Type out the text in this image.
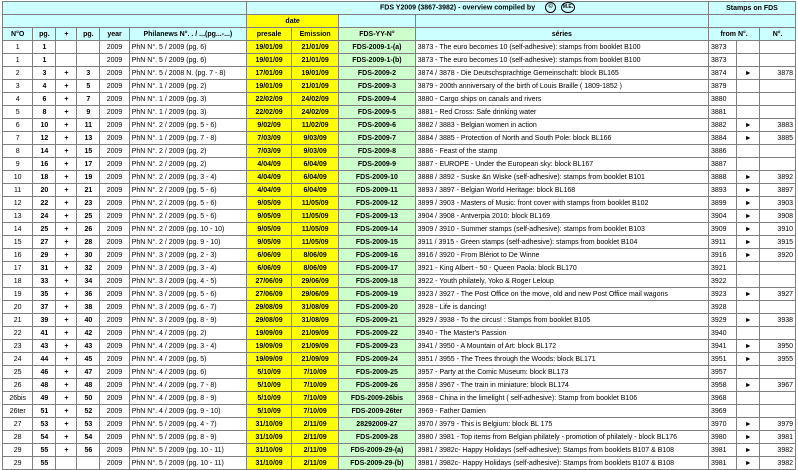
						FDS Y2009 (3867-3982) - overview compiled by © M.E.				Stamps on FDS		
						date						
N°O	pg.	+	pg.	year	Philanews N°. . / ...(pg...-...)	presale	Emission	FDS-YY-N°	séries	from N°.		N°.
1	1			2009	PhN N°. 5 / 2009 (pg. 6)	19/01/09	21/01/09	FDS-2009-1-(a)	3873 - The euro becomes 10 (self-adhesive): stamps from booklet B100	3873		
1	1			2009	PhN N°. 5 / 2009 (pg. 6)	19/01/09	21/01/09	FDS-2009-1-(b)	3873 - The euro becomes 10 (self-adhesive): stamps from booklet B100	3873		
2	3	+	3	2009	PhN N°. 5 / 2008 N. (pg. 7 - 8)	17/01/09	19/01/09	FDS-2009-2	3874 / 3878 - Die Deutschsprachtige Gemeinschaft: block BL165	3874	►	3878
3	4	+	5	2009	PhN N°. 1 / 2009 (pg. 2)	19/01/09	21/01/09	FDS-2009-3	3879 - 200th anniversary of the birth of Louis Braille ( 1809-1852 )	3879		
4	6	+	7	2009	PhN N°. 1 / 2009 (pg. 3)	22/02/09	24/02/09	FDS-2009-4	3880 - Cargo ships on canals and rivers	3880		
5	8	+	9	2009	PhN N°. 1 / 2009 (pg. 3)	22/02/09	24/02/09	FDS-2009-5	3881 - Red Cross: Safe drinking water	3881		
6	10	+	11	2009	PhN N°. 2 / 2009 (pg. 5 - 6)	9/02/09	11/02/09	FDS-2009-6	3882 / 3883 - Belgian women in action	3882	►	3883
7	12	+	13	2009	PhN N°. 1 / 2009 (pg. 7 - 8)	7/03/09	9/03/09	FDS-2009-7	3884 / 3885 - Protection of North and South Pole: block BL166	3884	►	3885
8	14	+	15	2009	PhN N°. 2 / 2009 (pg. 2)	7/03/09	9/03/09	FDS-2009-8	3886 - Feast of the stamp	3886		
9	16	+	17	2009	PhN N°. 2 / 2009 (pg. 2)	4/04/09	6/04/09	FDS-2009-9	3887 - EUROPE - Under the European sky: block BL167	3887		
10	18	+	19	2009	PhN N°. 2 / 2009 (pg. 3 - 4)	4/04/09	6/04/09	FDS-2009-10	3888 / 3892 - Suske &n Wiske (self-adhesive): stamps from booklet B101	3888	►	3892
11	20	+	21	2009	PhN N°. 2 / 2009 (pg. 5 - 6)	4/04/09	6/04/09	FDS-2009-11	3893 / 3897 - Belgian World Heritage: block BL168	3893	►	3897
12	22	+	23	2009	PhN N°. 2 / 2009 (pg. 5 - 6)	9/05/09	11/05/09	FDS-2009-12	3899 / 3903 - Masters of Music: front cover with stamps from booklet B102	3899	►	3903
13	24	+	25	2009	PhN N°. 2 / 2009 (pg. 5 - 6)	9/05/09	11/05/09	FDS-2009-13	3904 / 3908 - Antverpia 2010: block BL169	3904	►	3908
14	25	+	26	2009	PhN N°. 2 / 2009 (pg. 10 - 10)	9/05/09	11/05/09	FDS-2009-14	3909 / 3910 - Summer stamps (self-adhesive): stamps from booklet B103	3909	►	3910
15	27	+	28	2009	PhN N°. 2 / 2009 (pg. 9 - 10)	9/05/09	11/05/09	FDS-2009-15	3911 / 3915 - Green stamps (self-adhesive): stamps from booklet B104	3911	►	3915
16	29	+	30	2009	PhN N°. 3 / 2009 (pg. 2 - 3)	6/06/09	8/06/09	FDS-2009-16	3916 / 3920 - From Blériot to De Winne	3916	►	3920
17	31	+	32	2009	PhN N°. 3 / 2009 (pg. 3 - 4)	6/06/09	8/06/09	FDS-2009-17	3921 - King Albert - 50 - Queen Paola: block BL170	3921		
18	33	+	34	2009	PhN N°. 3 / 2009 (pg. 4 - 5)	27/06/09	29/06/09	FDS-2009-18	3922 - Youth philately, Yoko & Roger Leloup	3922		
19	35	+	36	2009	PhN N°. 3 / 2009 (pg. 5 - 6)	27/06/09	29/06/09	FDS-2009-19	3923 / 3927 - The Post Office on the move, old and new Post Office mail wagons	3923	►	3927
20	37	+	38	2009	PhN N°. 3 / 2009 (pg. 6 - 7)	29/08/09	31/08/09	FDS-2009-20	3928 - Life is dancing!	3928		
21	39	+	40	2009	PhN N°. 3 / 2009 (pg. 8 - 9)	29/08/09	31/08/09	FDS-2009-21	3929 / 3938 - To the circus! : Stamps from booklet B105	3929	►	3938
22	41	+	42	2009	PhN N°. 4 / 2009 (pg. 2)	19/09/09	21/09/09	FDS-2009-22	3940 - The Master's Passion	3940		
23	43	+	43	2009	PhN N°. 4 / 2009 (pg. 3 - 4)	19/09/09	21/09/09	FDS-2009-23	3941 / 3950 - A Mountain of Art: block BL172	3941	►	3950
24	44	+	45	2009	PhN N°. 4 / 2009 (pg. 5)	19/09/09	21/09/09	FDS-2009-24	3951 / 3955 - The Trees through the Woods: block BL171	3951	►	3955
25	46	+	47	2009	PhN N°. 4 / 2009 (pg. 6)	5/10/09	7/10/09	FDS-2009-25	3957 - Party at the Comic Museum: block BL173	3957		
26	48	+	48	2009	PhN N°. 4 / 2009 (pg. 7 - 8)	5/10/09	7/10/09	FDS-2009-26	3958 / 3967 - The train in miniature: block BL174	3958	►	3967
26bis	49	+	50	2009	PhN N°. 4 / 2009 (pg. 8 - 9)	5/10/09	7/10/09	FDS-2009-26bis	3968 - China in the limelight ( self-adhesive): Stamp from booklet B106	3968		
26ter	51	+	52	2009	PhN N°. 4 / 2009 (pg. 9 - 10)	5/10/09	7/10/09	FDS-2009-26ter	3969 - Father Damien	3969		
27	53	+	53	2009	PhN N°. 5 / 2009 (pg. 4 - 7)	31/10/09	2/11/09	28292009-27	3970 / 3979 - This is Belgium: block BL 175	3970	►	3979
28	54	+	54	2009	PhN N°. 5 / 2009 (pg. 8 - 9)	31/10/09	2/11/09	FDS-2009-28	3980 / 3981 - Top items from Belgian philately - promotion of philately - block BL176	3980	►	3981
29	55	+	56	2009	PhN N°. 5 / 2009 (pg. 10 - 11)	31/10/09	2/11/09	FDS-2009-29-(a)	3981 / 3982c- Happy Holidays (self-adhesive): Stamps from booklets B107 & B108	3981	►	3982
29	55			2009	PhN N°. 5 / 2009 (pg. 10 - 11)	31/10/09	2/11/09	FDS-2009-29-(b)	3981 / 3982c- Happy Holidays (self-adhesive): Stamps from booklets B107 & B108	3981	►	3982
